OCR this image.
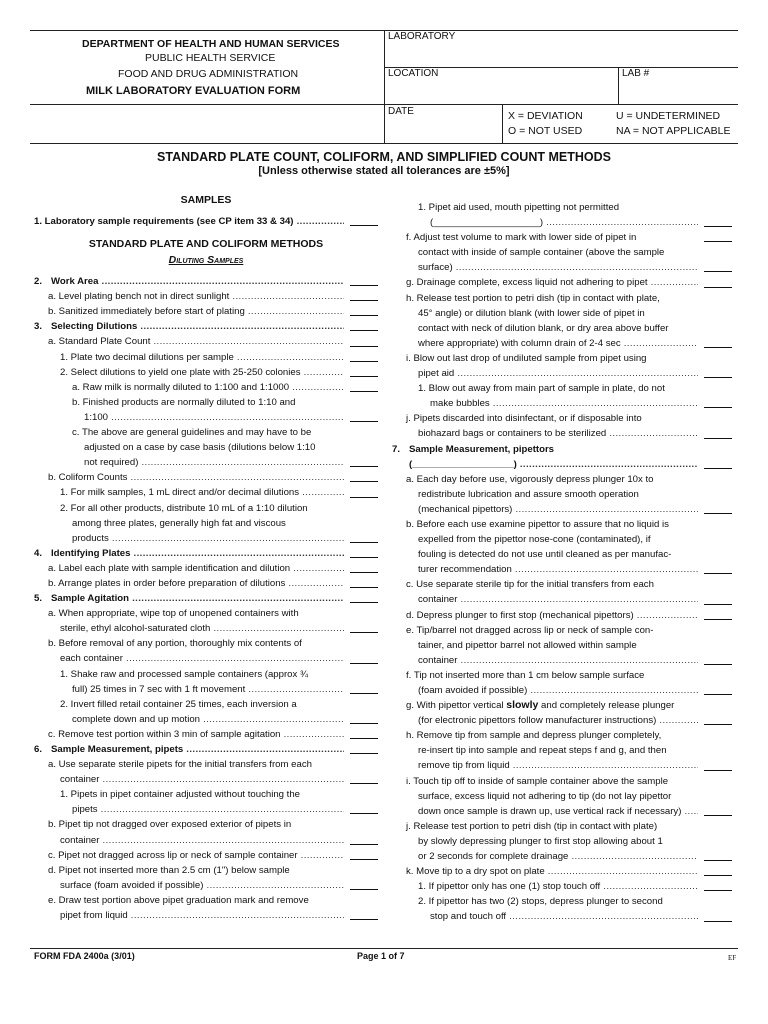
DEPARTMENT OF HEALTH AND HUMAN SERVICES
PUBLIC HEALTH SERVICE
FOOD AND DRUG ADMINISTRATION
MILK LABORATORY EVALUATION FORM
LABORATORY
LOCATION	LAB #
DATE	X = DEVIATION
O = NOT USED
U = UNDETERMINED
NA = NOT APPLICABLE
STANDARD PLATE COUNT, COLIFORM, AND SIMPLIFIED COUNT METHODS
[Unless otherwise stated all tolerances are ±5%]
SAMPLES
1. Laboratory sample requirements (see CP item 33 & 34) .....
STANDARD PLATE AND COLIFORM METHODS
Diluting Samples
2. Work Area .....
a. Level plating bench not in direct sunlight .....
b. Sanitized immediately before start of plating .....
3. Selecting Dilutions .....
a. Standard Plate Count .....
1. Plate two decimal dilutions per sample .....
2. Select dilutions to yield one plate with 25-250 colonies .....
a. Raw milk is normally diluted to 1:100 and 1:1000 .....
b. Finished products are normally diluted to 1:10 and
1:100 .....
c. The above are general guidelines and may have to be
adjusted on a case by case basis (dilutions below 1:10
not required) .....
b. Coliform Counts .....
1. For milk samples, 1 mL direct and/or decimal dilutions .....
2. For all other products, distribute 10 mL of a 1:10 dilution
among three plates, generally high fat and viscous
products .....
4. Identifying Plates .....
a. Label each plate with sample identification and dilution .....
b. Arrange plates in order before preparation of dilutions .....
5. Sample Agitation .....
a. When appropriate, wipe top of unopened containers with
sterile, ethyl alcohol-saturated cloth .....
b. Before removal of any portion, thoroughly mix contents of
each container .....
1. Shake raw and processed sample containers (approx ¾
full) 25 times in 7 sec with 1 ft movement .....
2. Invert filled retail container 25 times, each inversion a
complete down and up motion .....
c. Remove test portion within 3 min of sample agitation .....
6. Sample Measurement, pipets .....
a. Use separate sterile pipets for the initial transfers from each
container .....
1. Pipets in pipet container adjusted without touching the
pipets .....
b. Pipet tip not dragged over exposed exterior of pipets in
container .....
c. Pipet not dragged across lip or neck of sample container .....
d. Pipet not inserted more than 2.5 cm (1") below sample
surface (foam avoided if possible) .....
e. Draw test portion above pipet graduation mark and remove
pipet from liquid .....
1. Pipet aid used, mouth pipetting not permitted
(____________________) .....
f. Adjust test volume to mark with lower side of pipet in
contact with inside of sample container (above the sample
surface) .....
g. Drainage complete, excess liquid not adhering to pipet .....
h. Release test portion to petri dish (tip in contact with plate,
45° angle) or dilution blank (with lower side of pipet in
contact with neck of dilution blank, or dry area above buffer
where appropriate) with column drain of 2-4 sec .....
i. Blow out last drop of undiluted sample from pipet using
pipet aid .....
1. Blow out away from main part of sample in plate, do not
make bubbles .....
j. Pipets discarded into disinfectant, or if disposable into
biohazard bags or containers to be sterilized .....
7. Sample Measurement, pipettors
(___________________) .....
a. Each day before use, vigorously depress plunger 10x to
redistribute lubrication and assure smooth operation
(mechanical pipettors) .....
b. Before each use examine pipettor to assure that no liquid is
expelled from the pipettor nose-cone (contaminated), if
fouling is detected do not use until cleaned as per manufac-
turer recommendation .....
c. Use separate sterile tip for the initial transfers from each
container .....
d. Depress plunger to first stop (mechanical pipettors) .....
e. Tip/barrel not dragged across lip or neck of sample con-
tainer, and pipettor barrel not allowed within sample
container .....
f. Tip not inserted more than 1 cm below sample surface
(foam avoided if possible) .....
g. With pipettor vertical slowly and completely release plunger
(for electronic pipettors follow manufacturer instructions) .....
h. Remove tip from sample and depress plunger completely,
re-insert tip into sample and repeat steps f and g, and then
remove tip from liquid .....
i. Touch tip off to inside of sample container above the sample
surface, excess liquid not adhering to tip (do not lay pipettor
down once sample is drawn up, use vertical rack if necessary) .....
j. Release test portion to petri dish (tip in contact with plate)
by slowly depressing plunger to first stop allowing about 1
or 2 seconds for complete drainage .....
k. Move tip to a dry spot on plate .....
1. If pipettor only has one (1) stop touch off .....
2. If pipettor has two (2) stops, depress plunger to second
stop and touch off .....
FORM FDA 2400a (3/01)	Page 1 of 7	EF
